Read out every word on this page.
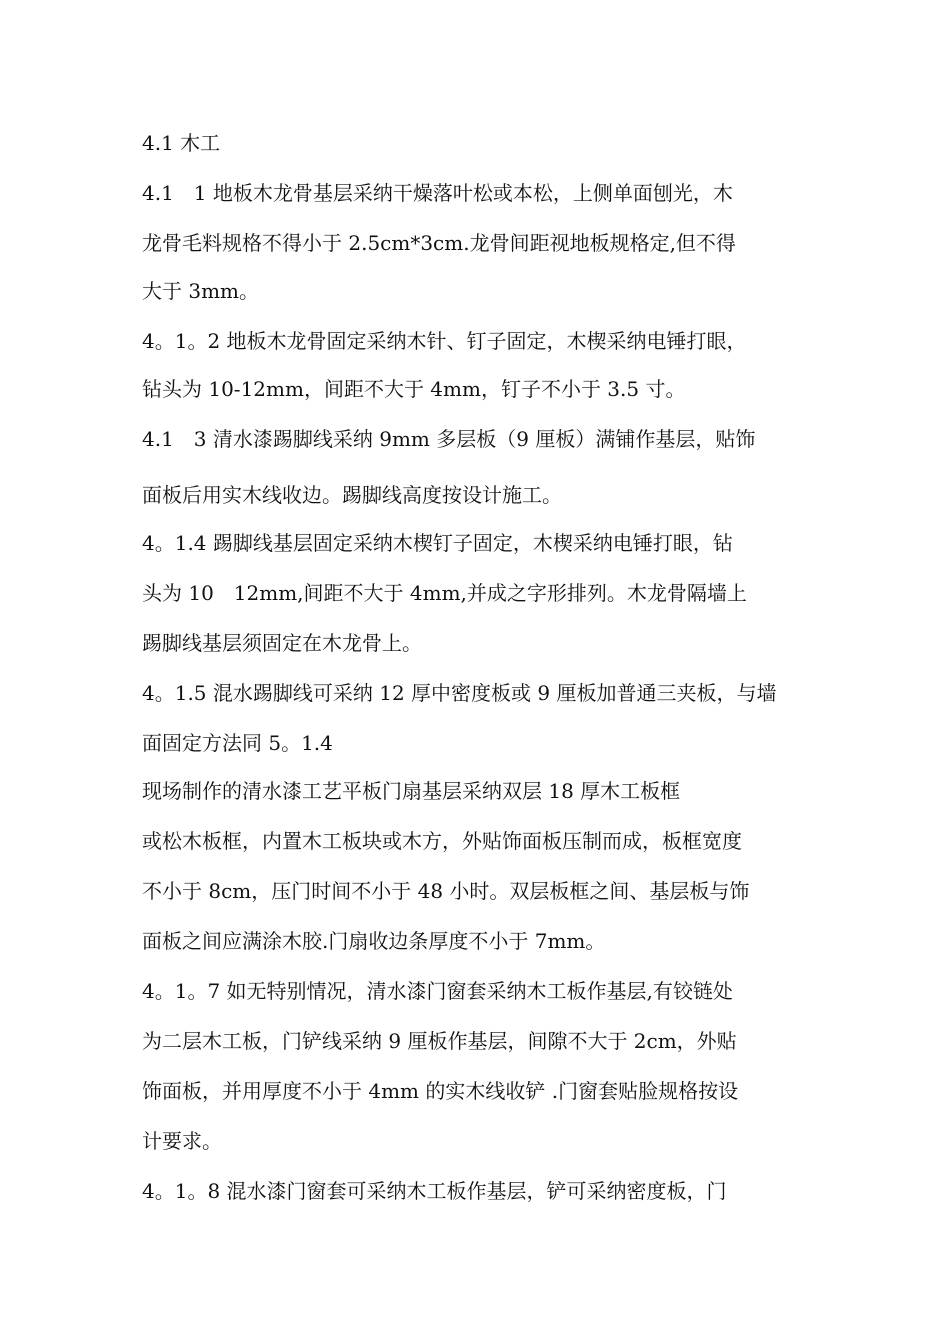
4.1 木工
4.1　1 地板木龙骨基层采纳干燥落叶松或本松，上侧单面刨光，木
龙骨毛料规格不得小于 2.5cm*3cm.龙骨间距视地板规格定,但不得
大于 3mm。
4。1。2 地板木龙骨固定采纳木针、钉子固定，木楔采纳电锤打眼，
钻头为 10-12mm，间距不大于 4mm，钉子不小于 3.5 寸。
4.1　3 清水漆踢脚线采纳 9mm 多层板（9 厘板）满铺作基层，贴饰
面板后用实木线收边。踢脚线高度按设计施工。
4。1.4 踢脚线基层固定采纳木楔钉子固定，木楔采纳电锤打眼，钻
头为 10　12mm,间距不大于 4mm,并成之字形排列。木龙骨隔墙上
踢脚线基层须固定在木龙骨上。
4。1.5 混水踢脚线可采纳 12 厚中密度板或 9 厘板加普通三夹板，与墙
面固定方法同 5。1.4
现场制作的清水漆工艺平板门扇基层采纳双层 18 厚木工板框
或松木板框，内置木工板块或木方，外贴饰面板压制而成，板框宽度
不小于 8cm，压门时间不小于 48 小时。双层板框之间、基层板与饰
面板之间应满涂木胶.门扇收边条厚度不小于 7mm。
4。1。7 如无特别情况，清水漆门窗套采纳木工板作基层,有铰链处
为二层木工板，门铲线采纳 9 厘板作基层，间隙不大于 2cm，外贴
饰面板，并用厚度不小于 4mm 的实木线收铲 .门窗套贴脸规格按设
计要求。
4。1。8 混水漆门窗套可采纳木工板作基层，铲可采纳密度板，门
